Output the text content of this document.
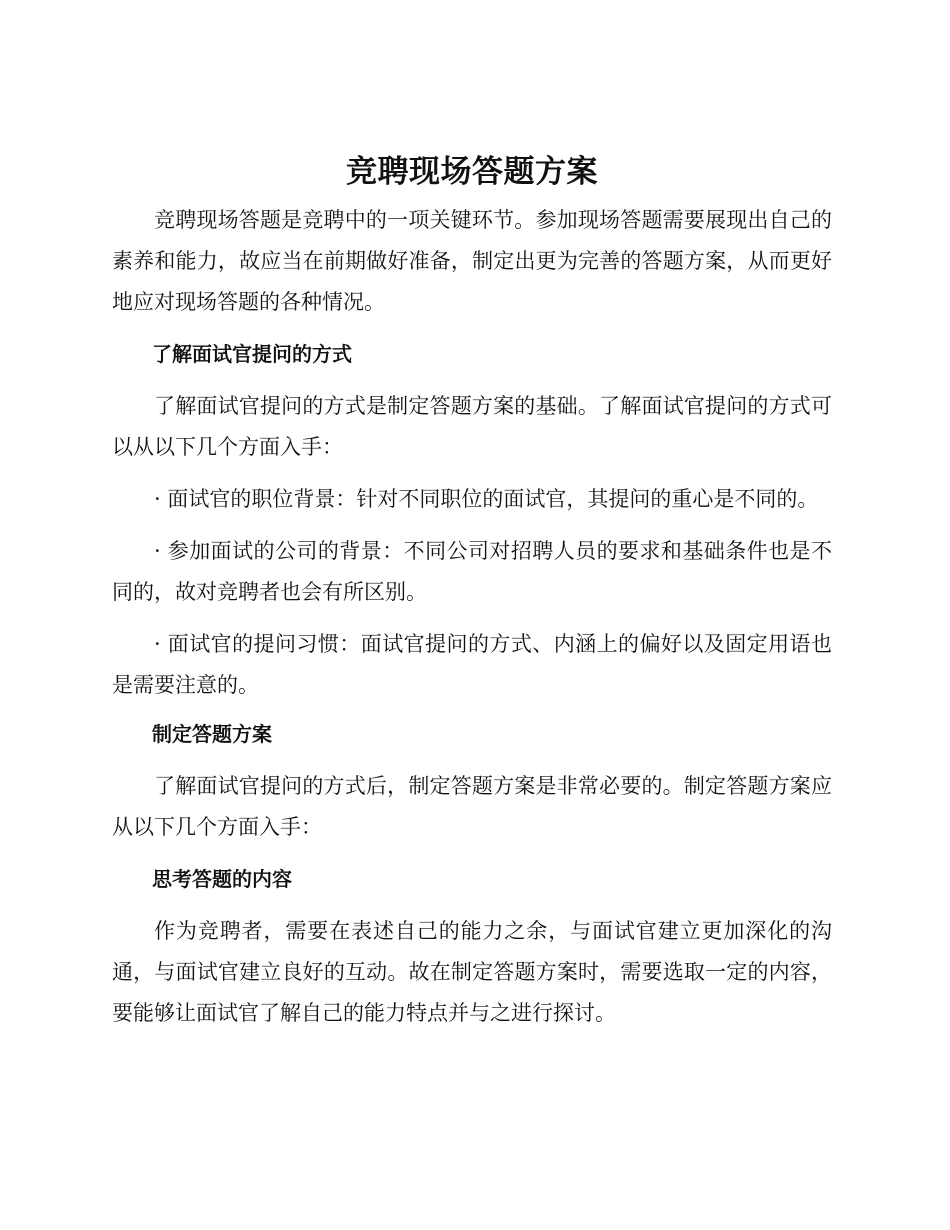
竞聘现场答题方案

竞聘现场答题是竞聘中的一项关键环节。参加现场答题需要展现出自己的素养和能力，故应当在前期做好准备，制定出更为完善的答题方案，从而更好地应对现场答题的各种情况。

了解面试官提问的方式

了解面试官提问的方式是制定答题方案的基础。了解面试官提问的方式可以从以下几个方面入手：

· 面试官的职位背景：针对不同职位的面试官，其提问的重心是不同的。

· 参加面试的公司的背景：不同公司对招聘人员的要求和基础条件也是不同的，故对竞聘者也会有所区别。

· 面试官的提问习惯：面试官提问的方式、内涵上的偏好以及固定用语也是需要注意的。

制定答题方案

了解面试官提问的方式后，制定答题方案是非常必要的。制定答题方案应从以下几个方面入手：

思考答题的内容

作为竞聘者，需要在表述自己的能力之余，与面试官建立更加深化的沟通，与面试官建立良好的互动。故在制定答题方案时，需要选取一定的内容，要能够让面试官了解自己的能力特点并与之进行探讨。
